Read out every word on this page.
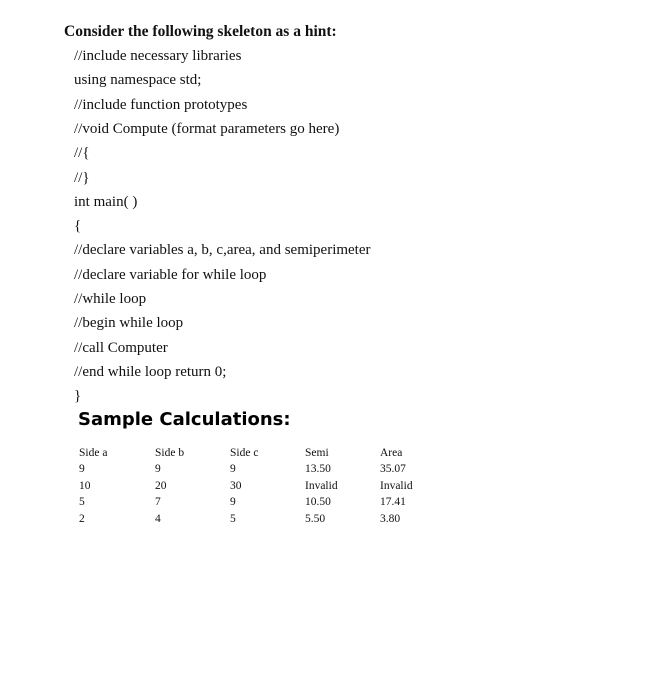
Consider the following skeleton as a hint:
//include necessary libraries
using namespace std;
//include function prototypes
//void Compute (format parameters go here)
//{
//}
int main( )
{
//declare variables a, b, c,area, and semiperimeter
//declare variable for while loop
//while loop
//begin while loop
//call Computer
//end while loop return 0;
}
Sample Calculations:
Side a	Side b	Side c	Semi	Area
9	9	9	13.50	35.07
10	20	30	Invalid	Invalid
5	7	9	10.50	17.41
2	4	5	5.50	3.80
